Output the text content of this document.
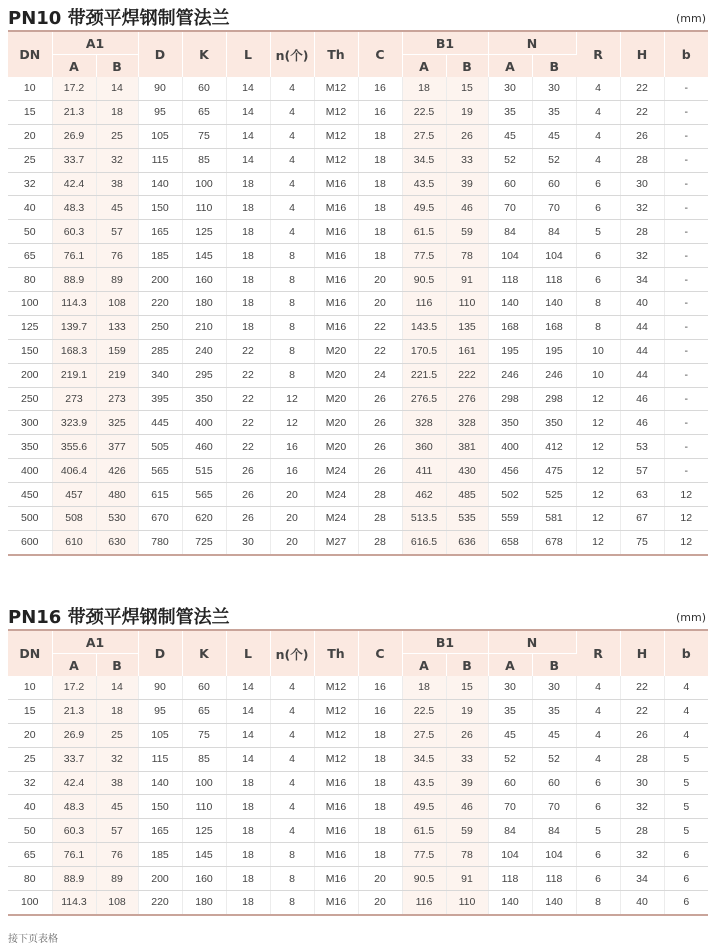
PN10 带颈平焊钢制管法兰	(mm)
DN	A1		D	K	L	n(个)	Th	C	B1		N		R	H	b
	A	B							A	B	A	B			
10	17.2	14	90	60	14	4	M12	16	18	15	30	30	4	22	-
15	21.3	18	95	65	14	4	M12	16	22.5	19	35	35	4	22	-
20	26.9	25	105	75	14	4	M12	18	27.5	26	45	45	4	26	-
25	33.7	32	115	85	14	4	M12	18	34.5	33	52	52	4	28	-
32	42.4	38	140	100	18	4	M16	18	43.5	39	60	60	6	30	-
40	48.3	45	150	110	18	4	M16	18	49.5	46	70	70	6	32	-
50	60.3	57	165	125	18	4	M16	18	61.5	59	84	84	5	28	-
65	76.1	76	185	145	18	8	M16	18	77.5	78	104	104	6	32	-
80	88.9	89	200	160	18	8	M16	20	90.5	91	118	118	6	34	-
100	114.3	108	220	180	18	8	M16	20	116	110	140	140	8	40	-
125	139.7	133	250	210	18	8	M16	22	143.5	135	168	168	8	44	-
150	168.3	159	285	240	22	8	M20	22	170.5	161	195	195	10	44	-
200	219.1	219	340	295	22	8	M20	24	221.5	222	246	246	10	44	-
250	273	273	395	350	22	12	M20	26	276.5	276	298	298	12	46	-
300	323.9	325	445	400	22	12	M20	26	328	328	350	350	12	46	-
350	355.6	377	505	460	22	16	M20	26	360	381	400	412	12	53	-
400	406.4	426	565	515	26	16	M24	26	411	430	456	475	12	57	-
450	457	480	615	565	26	20	M24	28	462	485	502	525	12	63	12
500	508	530	670	620	26	20	M24	28	513.5	535	559	581	12	67	12
600	610	630	780	725	30	20	M27	28	616.5	636	658	678	12	75	12
PN16 带颈平焊钢制管法兰	(mm)
DN	A1		D	K	L	n(个)	Th	C	B1		N		R	H	b
	A	B							A	B	A	B			
10	17.2	14	90	60	14	4	M12	16	18	15	30	30	4	22	4
15	21.3	18	95	65	14	4	M12	16	22.5	19	35	35	4	22	4
20	26.9	25	105	75	14	4	M12	18	27.5	26	45	45	4	26	4
25	33.7	32	115	85	14	4	M12	18	34.5	33	52	52	4	28	5
32	42.4	38	140	100	18	4	M16	18	43.5	39	60	60	6	30	5
40	48.3	45	150	110	18	4	M16	18	49.5	46	70	70	6	32	5
50	60.3	57	165	125	18	4	M16	18	61.5	59	84	84	5	28	5
65	76.1	76	185	145	18	8	M16	18	77.5	78	104	104	6	32	6
80	88.9	89	200	160	18	8	M16	20	90.5	91	118	118	6	34	6
100	114.3	108	220	180	18	8	M16	20	116	110	140	140	8	40	6
接下页表格
